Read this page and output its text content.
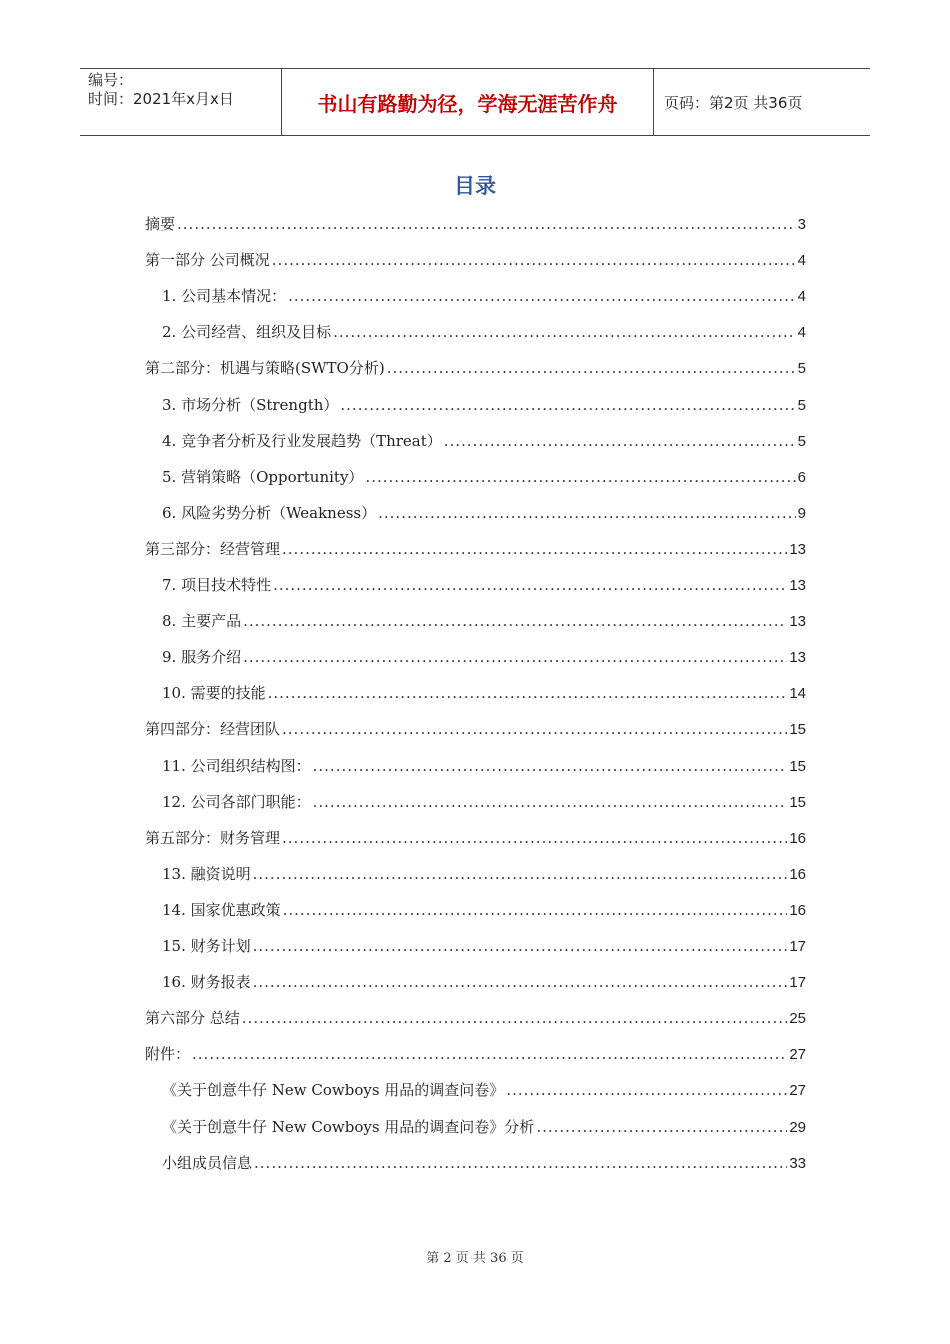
编号：
时间：2021年x月x日	书山有路勤为径，学海无涯苦作舟	页码：第2页 共36页
目录
摘要 .....	3
第一部分 公司概况 .....	4
1. 公司基本情况： .....	4
2. 公司经营、组织及目标 .....	4
第二部分：机遇与策略(SWTO分析) .....	5
3. 市场分析（Strength） .....	5
4. 竞争者分析及行业发展趋势（Threat） .....	5
5. 营销策略（Opportunity） .....	6
6. 风险劣势分析（Weakness） .....	9
第三部分：经营管理 .....	13
7. 项目技术特性 .....	13
8. 主要产品 .....	13
9. 服务介绍 .....	13
10. 需要的技能 .....	14
第四部分：经营团队 .....	15
11. 公司组织结构图： .....	15
12. 公司各部门职能： .....	15
第五部分：财务管理 .....	16
13. 融资说明 .....	16
14. 国家优惠政策 .....	16
15. 财务计划 .....	17
16. 财务报表 .....	17
第六部分 总结 .....	25
附件： .....	27
《关于创意牛仔 New Cowboys 用品的调查问卷》 .....	27
《关于创意牛仔 New Cowboys 用品的调查问卷》分析 .....	29
小组成员信息 .....	33
第 2 页 共 36 页
